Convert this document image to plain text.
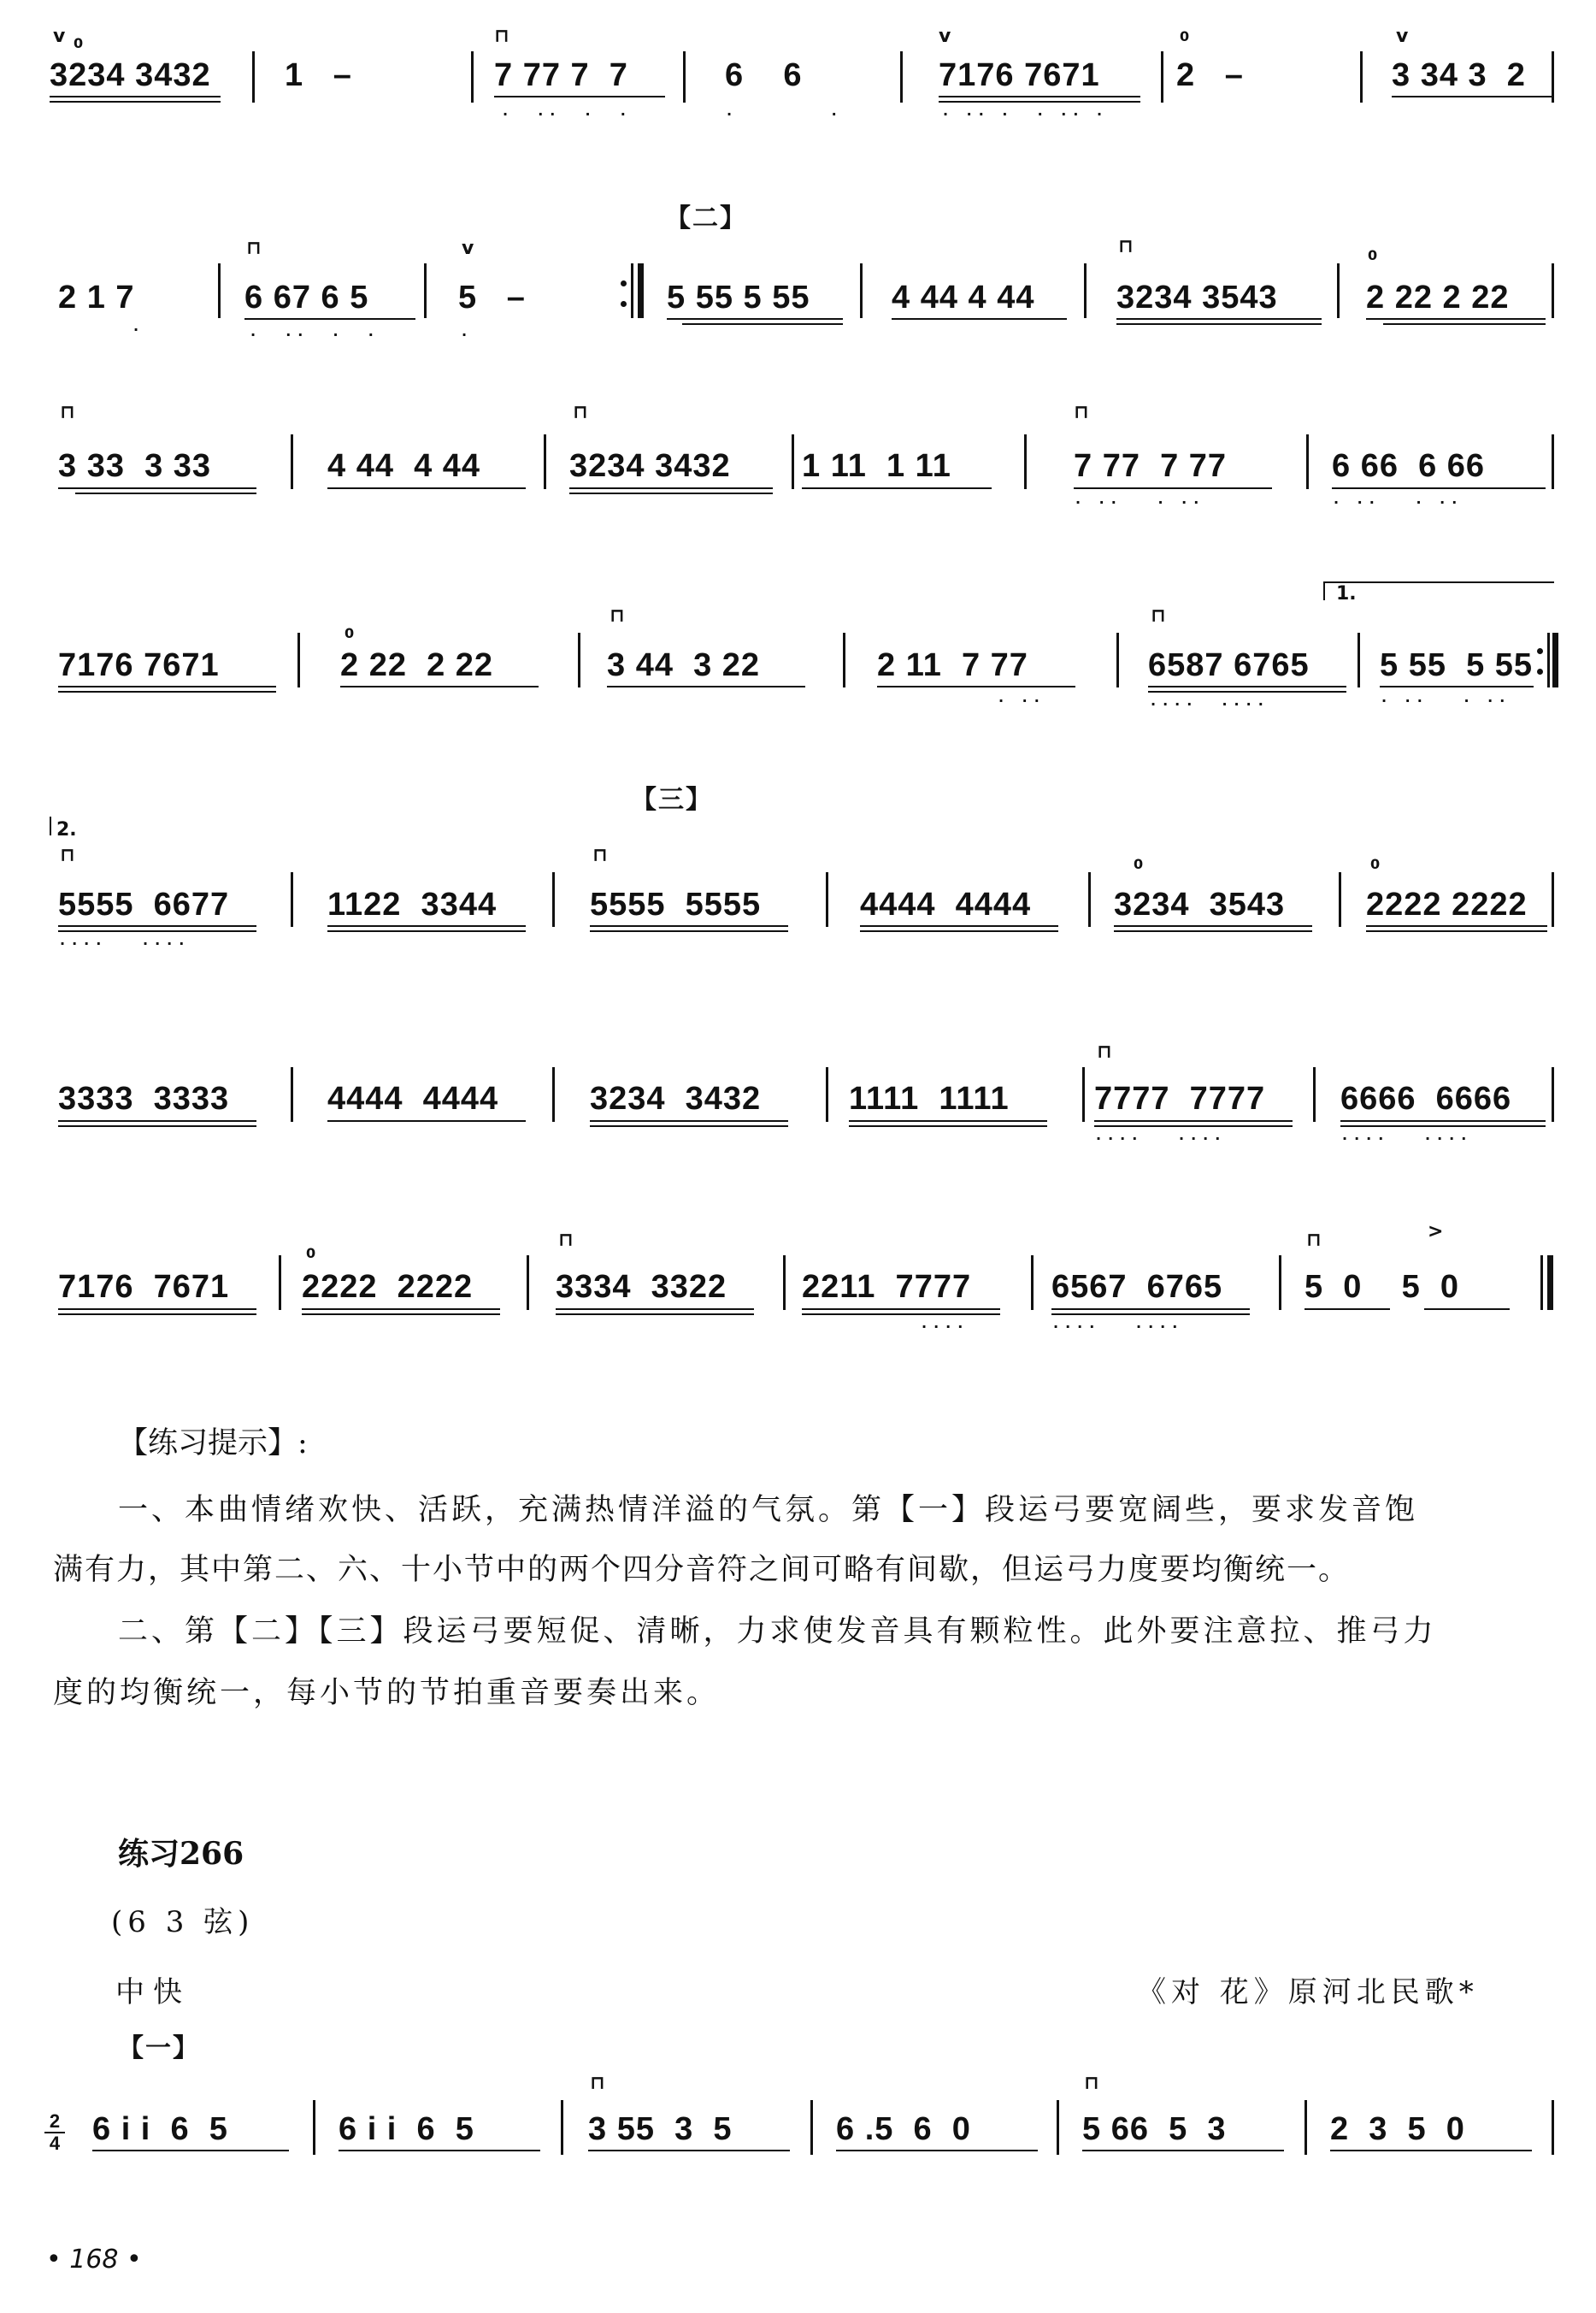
v 0
3234 3432 1   –
⊓
7 77 7  7
·  ··  ·  ·
6    6
·        ·
v
7176 7671
· ·· ·  · ·· ·
0
2   –
v
3 34 3  2
【二】
2 1 7
·
⊓
6 67 6 5
·  ··  ·  ·
v
5   –
·
5 55 5 55	4 44 4 44
⊓
3234 3543
0
2 22 2 22
⊓
3 33  3 33	4 44  4 44
⊓
3234 3432 1 11  1 11
⊓
7 77  7 77
· ··   · ··
6 66  6 66
· ··   · ··
1.
7176 7671
0
2 22  2 22
⊓
3 44  3 22	2 11  7 77
· ··
⊓
6587 6765
····  ····
5 55  5 55
· ··   · ··
2.
【三】
⊓
5555  6677
····   ····
1122  3344
⊓
5555  5555	4444  4444
0
3234  3543
0
2222 2222
3333  3333	4444  4444	3234  3432	1111  1111
⊓
7777  7777
····   ····
6666  6666
····   ····
7176  7671
0
2222  2222
⊓
3334  3322 2211  7777
····
6567  6765
····   ····
⊓	>
5  0    5  0
【练习提示】:
一、本曲情绪欢快、活跃，充满热情洋溢的气氛。第【一】段运弓要宽阔些，要求发音饱
满有力，其中第二、六、十小节中的两个四分音符之间可略有间歇，但运弓力度要均衡统一。
二、第【二】【三】段运弓要短促、清晰，力求使发音具有颗粒性。此外要注意拉、推弓力
度的均衡统一，每小节的节拍重音要奏出来。
练习266
(6 3 弦)
中快	《对 花》原河北民歌*
【一】
2
4 6 i i  6  5	6 i i  6  5
⊓
3 55  3  5	6 .5  6  0
⊓
5 66  5  3	2  3  5  0
• 168 •
